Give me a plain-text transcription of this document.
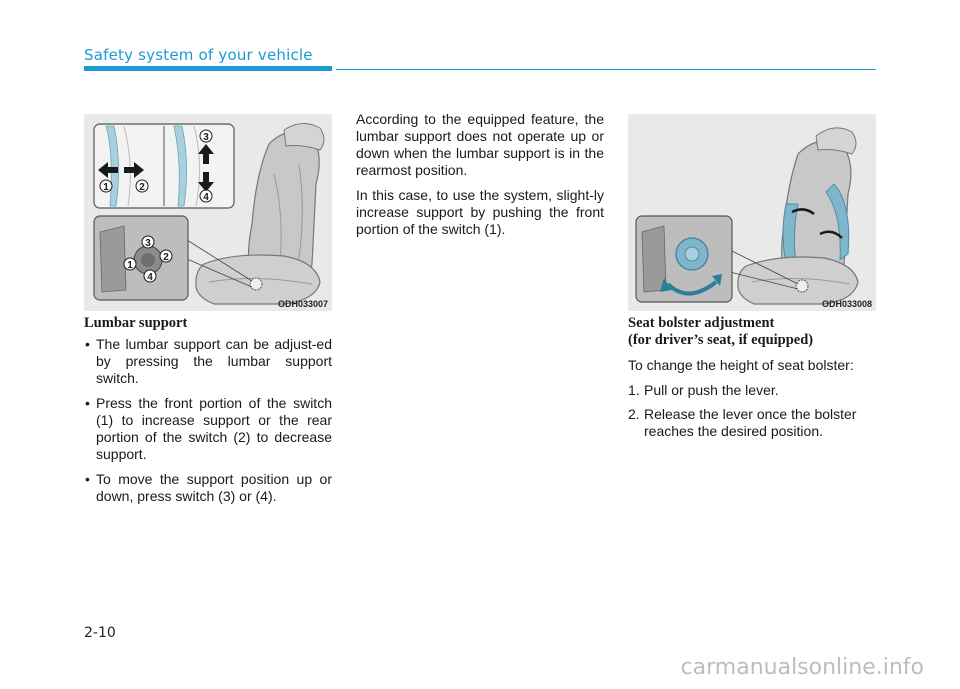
Safety system of your vehicle
1	2
3
4
3
1
2
4
ODH033007

Lumbar support

• The lumbar support can be adjust-ed by pressing the lumbar support switch.
• Press the front portion of the switch (1) to increase support or the rear portion of the switch (2) to decrease support.
• To move the support position up or down, press switch (3) or (4).

According to the equipped feature, the lumbar support does not operate up or down when the lumbar support is in the rearmost position.

In this case, to use the system, slight-ly increase support by pushing the front portion of the switch (1).

ODH033008

Seat bolster adjustment

(for driver’s seat, if equipped)

To change the height of seat bolster:

1. Pull or push the lever.
2. Release the lever once the bolster reaches the desired position.
2-10
carmanualsonline.info
